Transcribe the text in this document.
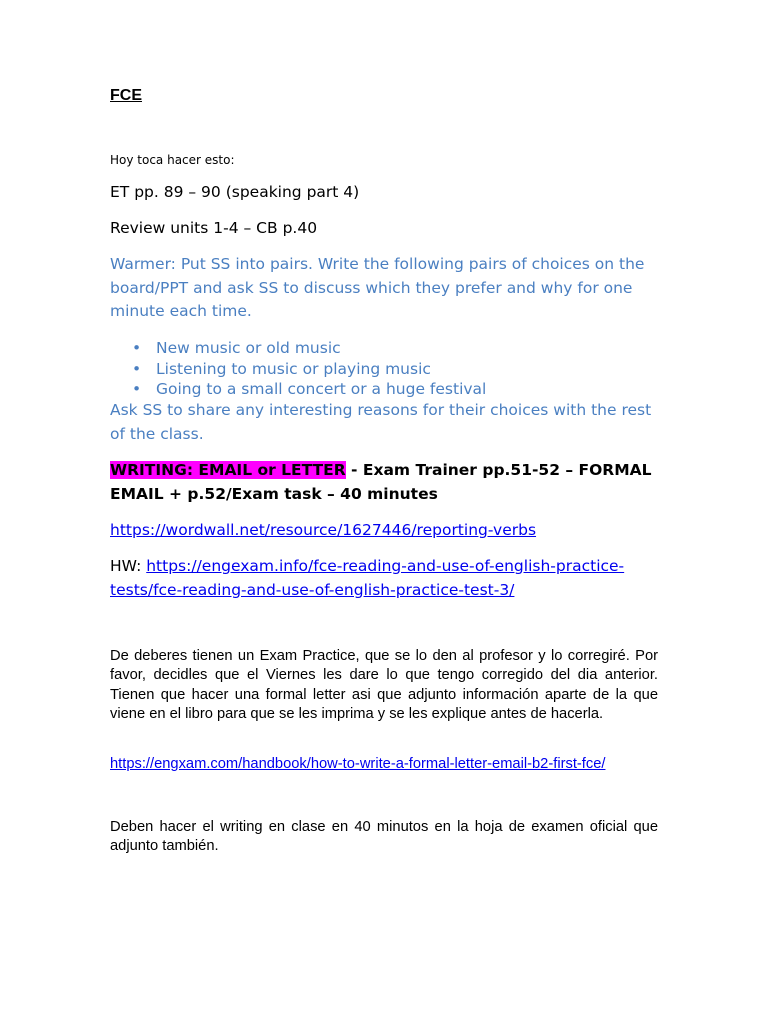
FCE
Hoy toca hacer esto:
ET pp. 89 – 90 (speaking part 4)
Review units 1-4 – CB p.40
Warmer: Put SS into pairs. Write the following pairs of choices on the board/PPT and ask SS to discuss which they prefer and why for one minute each time.
• New music or old music
• Listening to music or playing music
• Going to a small concert or a huge festival
Ask SS to share any interesting reasons for their choices with the rest of the class.
WRITING: EMAIL or LETTER - Exam Trainer pp.51-52 – FORMAL EMAIL + p.52/Exam task – 40 minutes
https://wordwall.net/resource/1627446/reporting-verbs
HW: https://engexam.info/fce-reading-and-use-of-english-practice-tests/fce-reading-and-use-of-english-practice-test-3/
De deberes tienen un Exam Practice, que se lo den al profesor y lo corregiré. Por favor, decidles que el Viernes les dare lo que tengo corregido del dia anterior. Tienen que hacer una formal letter asi que adjunto información aparte de la que viene en el libro para que se les imprima y se les explique antes de hacerla.
https://engxam.com/handbook/how-to-write-a-formal-letter-email-b2-first-fce/
Deben hacer el writing en clase en 40 minutos en la hoja de examen oficial que adjunto también.
